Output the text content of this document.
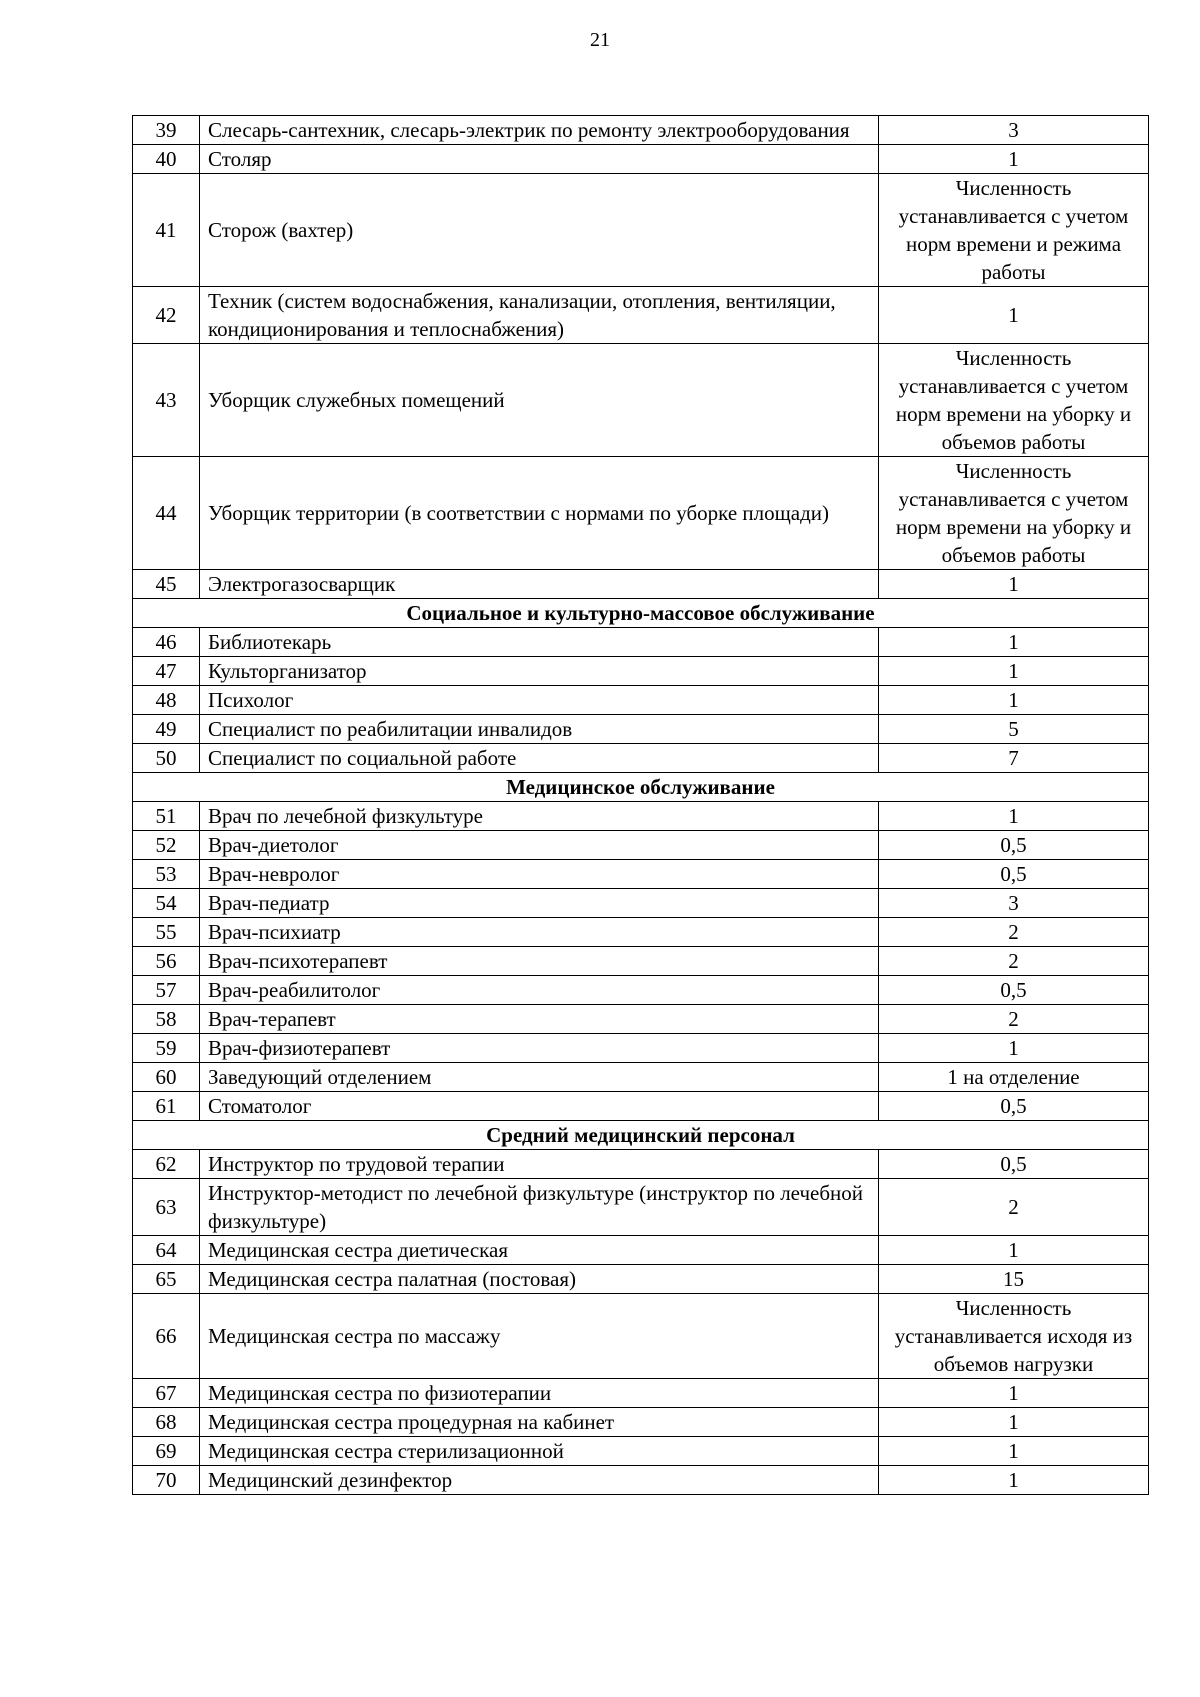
21
39	Слесарь-сантехник, слесарь-электрик по ремонту электрооборудования	3
40	Столяр	1
41	Сторож (вахтер)	Численность устанавливается с учетом норм времени и режима работы
42	Техник (систем водоснабжения, канализации, отопления, вентиляции, кондиционирования и теплоснабжения)	1
43	Уборщик служебных помещений	Численность устанавливается с учетом норм времени на уборку и объемов работы
44	Уборщик территории (в соответствии с нормами по уборке площади)	Численность устанавливается с учетом норм времени на уборку и объемов работы
45	Электрогазосварщик	1
Социальное и культурно-массовое обслуживание		
46	Библиотекарь	1
47	Культорганизатор	1
48	Психолог	1
49	Специалист по реабилитации инвалидов	5
50	Специалист по социальной работе	7
Медицинское обслуживание		
51	Врач по лечебной физкультуре	1
52	Врач-диетолог	0,5
53	Врач-невролог	0,5
54	Врач-педиатр	3
55	Врач-психиатр	2
56	Врач-психотерапевт	2
57	Врач-реабилитолог	0,5
58	Врач-терапевт	2
59	Врач-физиотерапевт	1
60	Заведующий отделением	1 на отделение
61	Стоматолог	0,5
Средний медицинский персонал		
62	Инструктор по трудовой терапии	0,5
63	Инструктор-методист по лечебной физкультуре (инструктор по лечебной физкультуре)	2
64	Медицинская сестра диетическая	1
65	Медицинская сестра палатная (постовая)	15
66	Медицинская сестра по массажу	Численность устанавливается исходя из объемов нагрузки
67	Медицинская сестра по физиотерапии	1
68	Медицинская сестра процедурная на кабинет	1
69	Медицинская сестра стерилизационной	1
70	Медицинский дезинфектор	1
